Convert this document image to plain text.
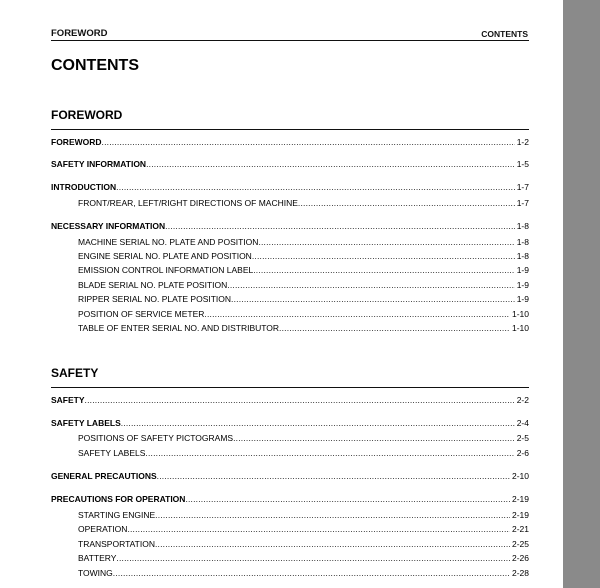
FOREWORD	CONTENTS
CONTENTS
FOREWORD
FOREWORD .....	1-2
SAFETY INFORMATION .....	1-5
INTRODUCTION .....	1-7
FRONT/REAR, LEFT/RIGHT DIRECTIONS OF MACHINE .....	1-7
NECESSARY INFORMATION .....	1-8
MACHINE SERIAL NO. PLATE AND POSITION .....	1-8
ENGINE SERIAL NO. PLATE AND POSITION .....	1-8
EMISSION CONTROL INFORMATION LABEL .....	1-9
BLADE SERIAL NO. PLATE POSITION .....	1-9
RIPPER SERIAL NO. PLATE POSITION .....	1-9
POSITION OF SERVICE METER .....	1-10
TABLE OF ENTER SERIAL NO. AND DISTRIBUTOR .....	1-10
SAFETY
SAFETY .....	2-2
SAFETY LABELS .....	2-4
POSITIONS OF SAFETY PICTOGRAMS .....	2-5
SAFETY LABELS .....	2-6
GENERAL PRECAUTIONS .....	2-10
PRECAUTIONS FOR OPERATION .....	2-19
STARTING ENGINE .....	2-19
OPERATION .....	2-21
TRANSPORTATION .....	2-25
BATTERY .....	2-26
TOWING .....	2-28
